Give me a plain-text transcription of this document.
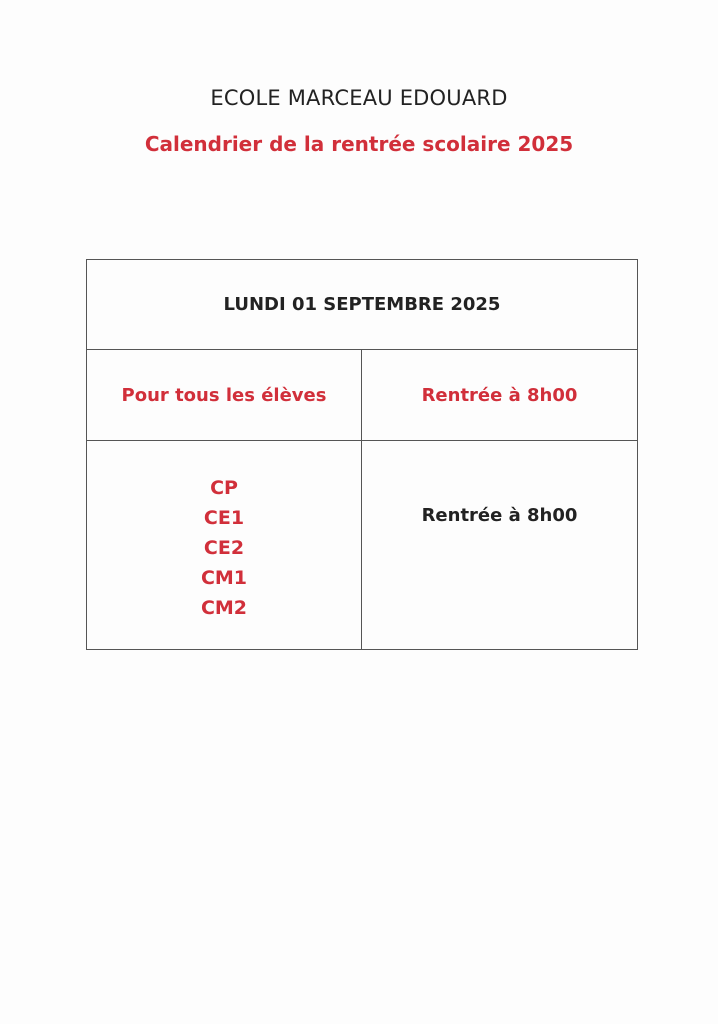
ECOLE MARCEAU EDOUARD
Calendrier de la rentrée scolaire 2025
LUNDI 01 SEPTEMBRE 2025
Pour tous les élèves	Rentrée à 8h00
CP
CE1
CE2
CM1
CM2
Rentrée à 8h00
